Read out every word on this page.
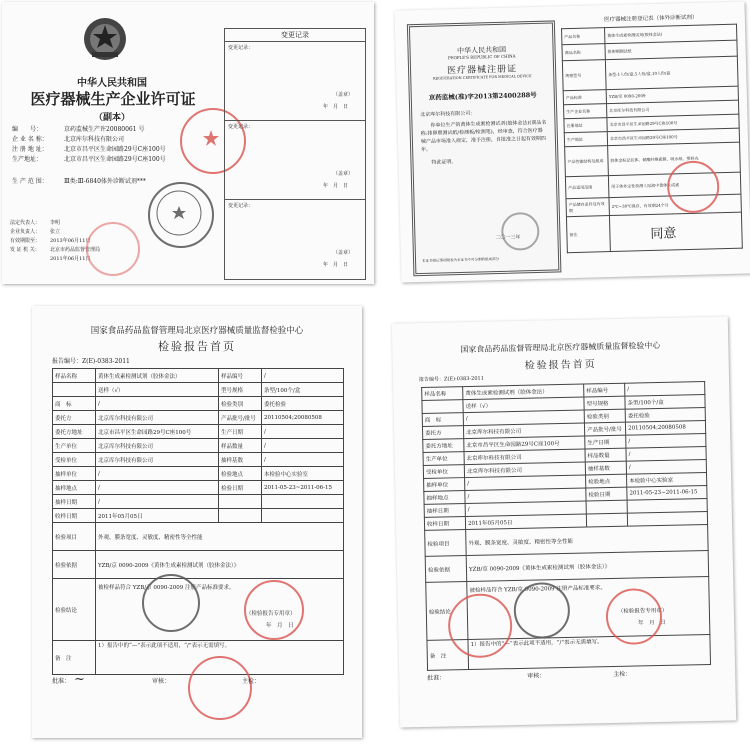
中华人民共和国
医疗器械生产企业许可证
（副本）
编　　号：	京药监械生产许20080061 号
企 业 名 称：	北京库尔科技有限公司
注 册 地 址：	北京市昌平区生命园路29号C座100号
生产地址：	北京市昌平区生命园路29号C座100号
生 产 范 围：	Ⅲ类:Ⅲ-6840体外诊断试剂***
法定代表人：	李明
企业负责人：	张立
有效期限至：	2013年06月11日
发 证 机 关：	北京市药品监督管理局
2011年06月11日
变更记录
变更记录：
（盖章）
年　月　日
变更记录：
（盖章）
年　月　日
变更记录：
（盖章）
年　月　日
中华人民共和国
PEOPLE'S REPUBLIC OF CHINA
医疗器械注册证
REGISTRATION CERTIFICATE FOR MEDICAL DEVICE
京药监械(准)字2013第2400288号
北京库尔科技有限公司：
你单位生产的黄体生成素检测试剂(胶体金法)(商品名称:排卵期测试纸/检测板/检测笔)，经审查，符合医疗器械产品市场准入规定，准予注册，自批准之日起有效期四年。
特此证明。
二〇一三年
本证书登记事项附表为本证书不可分割的组成部分
医疗器械注册登记表（体外诊断试剂）
产品名称	黄体生成素检测试剂(胶体金法)
商品名称	排卵期测试纸
规格型号	条型:1人份/盒,5人份/盒,10人份/盒
产品标准	YZB/京 0090-2009
生产企业名称	北京库尔科技有限公司
注册地址	北京市昌平区生命园路29号C座100号
生产地址	北京市昌平区生命园路29号C座100号
产品性能结构及组成	胶体金标记抗体、硝酸纤维素膜、吸水纸、塑料壳
产品适用范围	用于体外定性检测人尿液中黄体生成素
产品储存条件及有效期	2℃~30℃保存，有效期24个月
备注	同意
国家食品药品监督管理局北京医疗器械质量监督检验中心
检验报告首页
报告编号：Z(E)-0383-2011
样品名称	黄体生成素检测试剂（胶体金法）	样品编号	/
	送样（√）	型号规格	条型/100个/盒
商　标	/	检验类别	委托检验
委托方	北京库尔科技有限公司	产品批号/批号	20110504;20080508
委托方地址	北京市昌平区生命园路29号C座100号	生产日期	/
生产单位	北京库尔科技有限公司	样品数量	/
受检单位	北京库尔科技有限公司	抽样基数	/
抽样单位	/	检验地点	本检验中心实验室
抽样地点	/	检验日期	2011-05-23~2011-06-15
抽样日期	/		
收样日期	2011年05月05日		
检验项目	外观、膜条宽度、灵敏度、精密性等全性能		
检验依据	YZB/京 0090-2009《黄体生成素检测试剂（胶体金法）》		
检验结论	被检样品符合 YZB/京 0090-2009 注册产品标准要求。
（检验报告专用章）
年　月　日		

备　注	1）报告中的“—”表示此项不适用，“/”表示无需填写。		
批准： ~	审核：	主检：
国家食品药品监督管理局北京医疗器械质量监督检验中心
检验报告首页
报告编号：Z(E)-0383-2011
样品名称	黄体生成素检测试剂（胶体金法）	样品编号	/
	送样（√）	型号规格	条型/100个/盒
商　标	/	检验类别	委托检验
委托方	北京库尔科技有限公司	产品批号/批号	20110504;20080508
委托方地址	北京市昌平区生命园路29号C座100号	生产日期	/
生产单位	北京库尔科技有限公司	样品数量	/
受检单位	北京库尔科技有限公司	抽样基数	/
抽样单位	/	检验地点	本检验中心实验室
抽样地点	/	检验日期	2011-05-23~2011-06-15
抽样日期	/		
收样日期	2011年05月05日		
检验项目	外观、膜条宽度、灵敏度、精密性等全性能		
检验依据	YZB/京 0090-2009《黄体生成素检测试剂（胶体金法）》		
检验结论	被检样品符合 YZB/京 0090-2009 注册产品标准要求。
（检验报告专用章）
年　月　日		

备　注	1）报告中的“—”表示此项不适用，“/”表示无需填写。		
批准：	审核：	主检：
